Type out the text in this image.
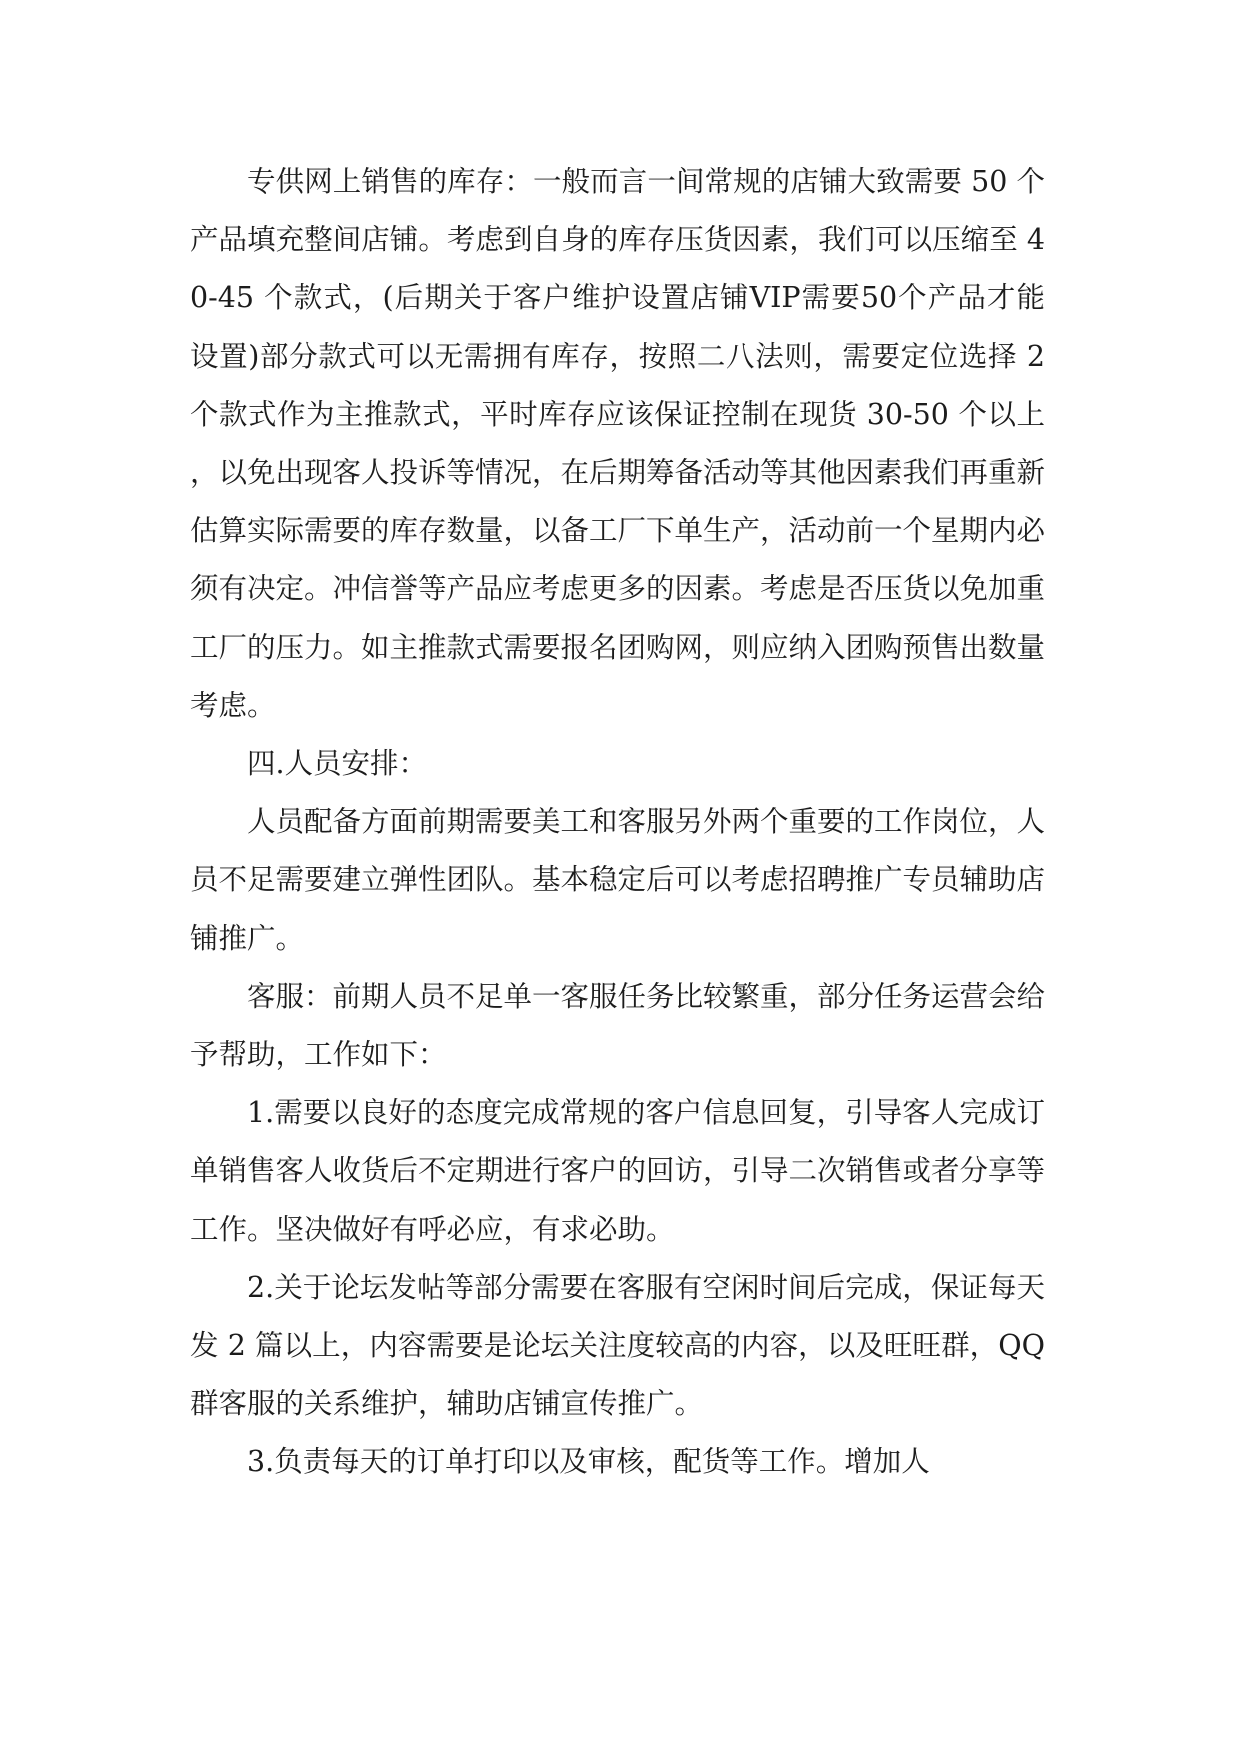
专供网上销售的库存：一般而言一间常规的店铺大致需要 50 个产品填充整间店铺。考虑到自身的库存压货因素，我们可以压缩至 40-45 个款式，(后期关于客户维护设置店铺VIP需要50个产品才能设置)部分款式可以无需拥有库存，按照二八法则，需要定位选择 2 个款式作为主推款式，平时库存应该保证控制在现货 30-50 个以上，以免出现客人投诉等情况，在后期筹备活动等其他因素我们再重新估算实际需要的库存数量，以备工厂下单生产，活动前一个星期内必须有决定。冲信誉等产品应考虑更多的因素。考虑是否压货以免加重工厂的压力。如主推款式需要报名团购网，则应纳入团购预售出数量考虑。

四.人员安排：

人员配备方面前期需要美工和客服另外两个重要的工作岗位，人员不足需要建立弹性团队。基本稳定后可以考虑招聘推广专员辅助店铺推广。

客服：前期人员不足单一客服任务比较繁重，部分任务运营会给予帮助，工作如下：

1.需要以良好的态度完成常规的客户信息回复，引导客人完成订单销售客人收货后不定期进行客户的回访，引导二次销售或者分享等工作。坚决做好有呼必应，有求必助。

2.关于论坛发帖等部分需要在客服有空闲时间后完成，保证每天发 2 篇以上，内容需要是论坛关注度较高的内容，以及旺旺群，QQ 群客服的关系维护，辅助店铺宣传推广。

3.负责每天的订单打印以及审核，配货等工作。增加人
